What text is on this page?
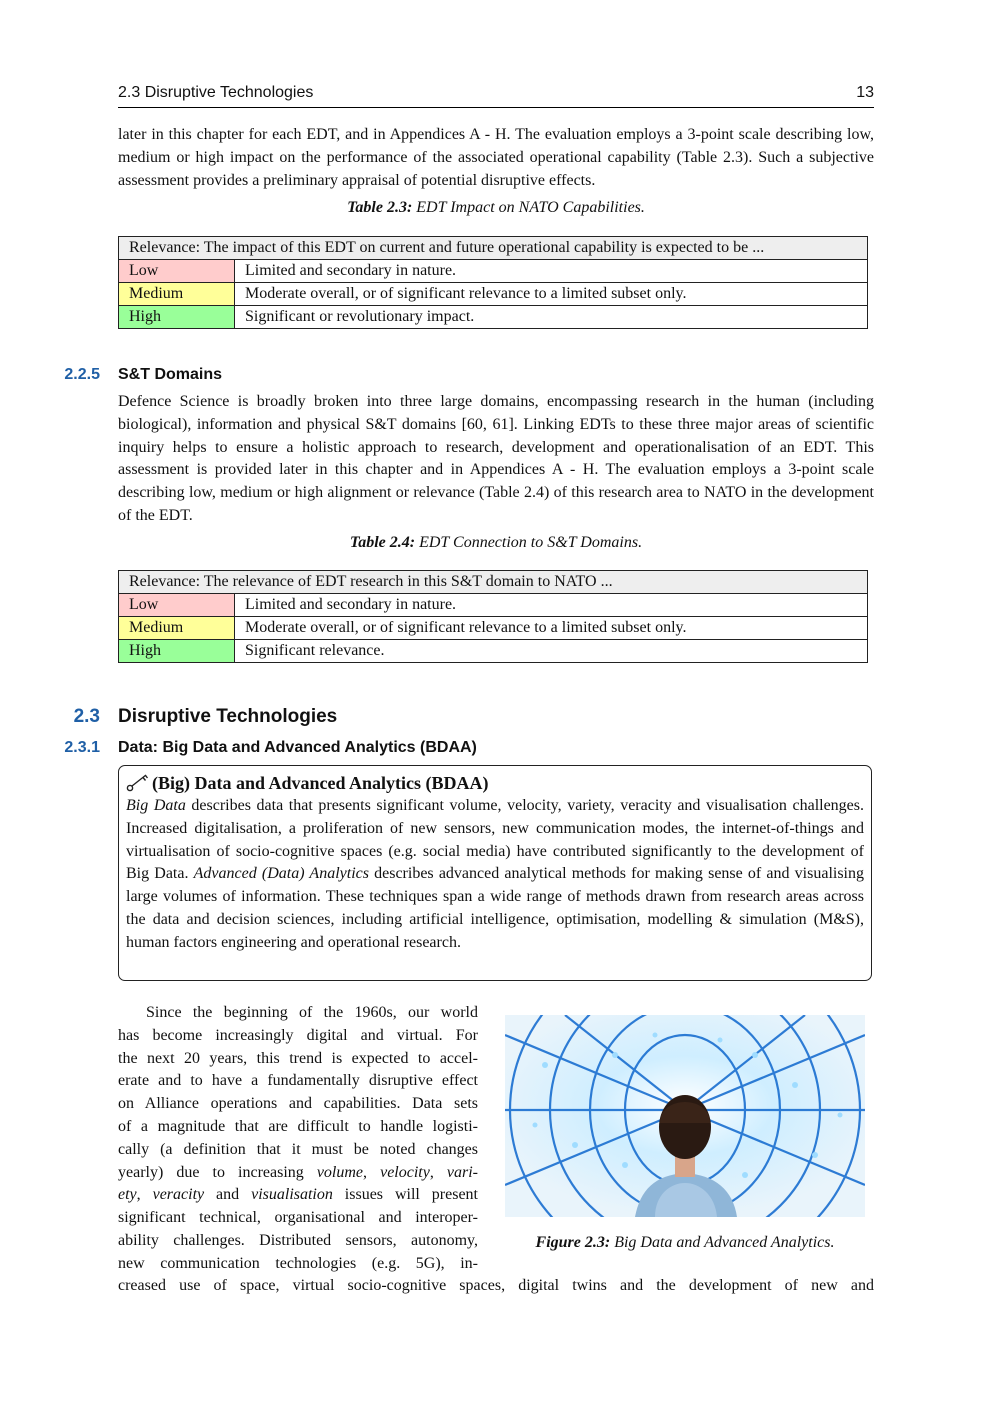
2.3 Disruptive Technologies	13

later in this chapter for each EDT, and in Appendices A - H. The evaluation employs a 3-point scale describing low, medium or high impact on the performance of the associated operational capability (Table 2.3). Such a subjective assessment provides a preliminary appraisal of potential disruptive effects.

Table 2.3: EDT Impact on NATO Capabilities.
Relevance: The impact of this EDT on current and future operational capability is expected to be ...	
Low	Limited and secondary in nature.
Medium	Moderate overall, or of significant relevance to a limited subset only.
High	Significant or revolutionary impact.
2.2.5 S&T Domains

Defence Science is broadly broken into three large domains, encompassing research in the human (including biological), information and physical S&T domains [60, 61]. Linking EDTs to these three major areas of scientific inquiry helps to ensure a holistic approach to research, development and operationalisation of an EDT. This assessment is provided later in this chapter and in Appendices A - H. The evaluation employs a 3-point scale describing low, medium or high alignment or relevance (Table 2.4) of this research area to NATO in the development of the EDT.

Table 2.4: EDT Connection to S&T Domains.
Relevance: The relevance of EDT research in this S&T domain to NATO ...	
Low	Limited and secondary in nature.
Medium	Moderate overall, or of significant relevance to a limited subset only.
High	Significant relevance.
2.3 Disruptive Technologies
2.3.1 Data: Big Data and Advanced Analytics (BDAA)
(Big) Data and Advanced Analytics (BDAA)

Big Data describes data that presents significant volume, velocity, variety, veracity and visualisation challenges. Increased digitalisation, a proliferation of new sensors, new communication modes, the internet-of-things and virtualisation of socio-cognitive spaces (e.g. social media) have contributed significantly to the development of Big Data. Advanced (Data) Analytics describes advanced analytical methods for making sense of and visualising large volumes of information. These techniques span a wide range of methods drawn from research areas across the data and decision sciences, including artificial intelligence, optimisation, modelling & simulation (M&S), human factors engineering and operational research.

Since the beginning of the 1960s, our world
has become increasingly digital and virtual. For
the next 20 years, this trend is expected to accel-
erate and to have a fundamentally disruptive effect
on Alliance operations and capabilities. Data sets
of a magnitude that are difficult to handle logisti-
cally (a definition that it must be noted changes
yearly) due to increasing volume, velocity, vari-
ety, veracity and visualisation issues will present
significant technical, organisational and interoper-
ability challenges. Distributed sensors, autonomy,
new communication technologies (e.g. 5G), in-
creased use of space, virtual socio-cognitive spaces, digital twins and the development of new and
Figure 2.3: Big Data and Advanced Analytics.
